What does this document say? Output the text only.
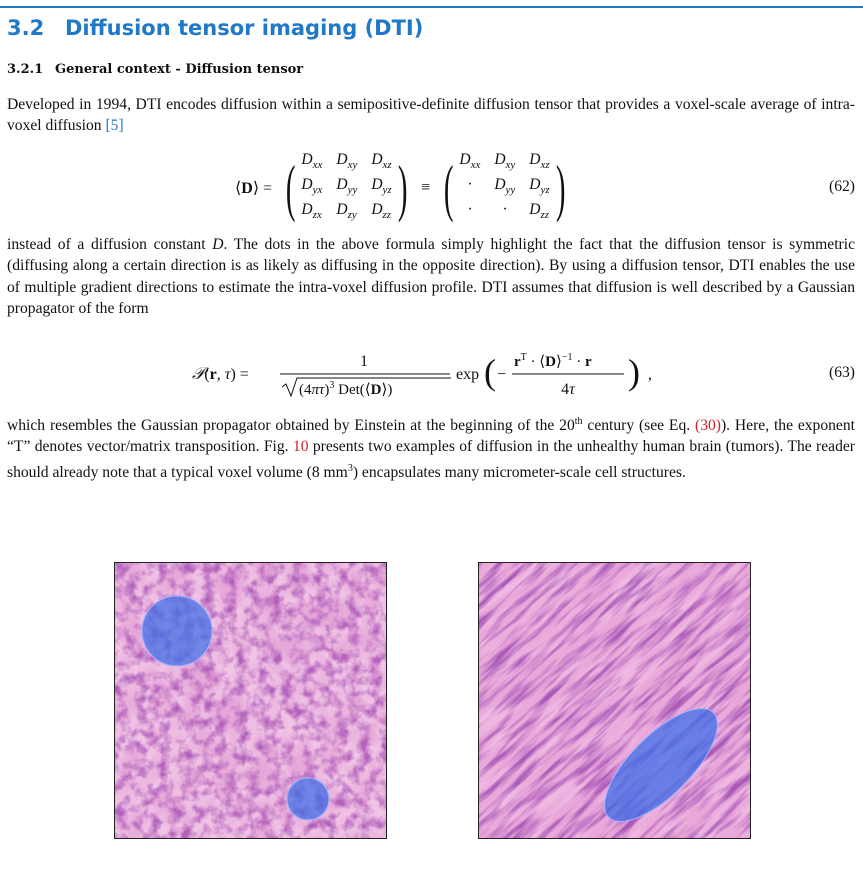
3.2 Diffusion tensor imaging (DTI)
3.2.1 General context - Diffusion tensor

Developed in 1994, DTI encodes diffusion within a semipositive-definite diffusion tensor that provides a voxel-scale average of intra-voxel diffusion [5]

⟨D⟩ = ( $D_{xx}$ $D_{xy}$ $D_{xz}$
$D_{yx}$ $D_{yy}$ $D_{yz}$
$D_{zx}$ $D_{zy}$ $D_{zz}$ ) ≡ ( $D_{xx}$ $D_{xy}$ $D_{xz}$
·	$D_{yy}$ $D_{yz}$
·	·	$D_{zz}$ )	(62)

instead of a diffusion constant D. The dots in the above formula simply highlight the fact that the diffusion tensor is symmetric (diffusing along a certain direction is as likely as diffusing in the opposite direction). By using a diffusion tensor, DTI enables the use of multiple gradient directions to estimate the intra-voxel diffusion profile. DTI assumes that diffusion is well described by a Gaussian propagator of the form

𝒫(r, τ) =
1
$(4\pi\tau)^3$ Det(⟨D⟩)
exp ( −
$r^T$ · ⟨D⟩$^{-1}$ · r
4τ ) ,	(63)

which resembles the Gaussian propagator obtained by Einstein at the beginning of the 20th century (see Eq. (30)). Here, the exponent “T” denotes vector/matrix transposition. Fig. 10 presents two examples of diffusion in the unhealthy human brain (tumors). The reader should already note that a typical voxel volume (8 $mm^3$) encapsulates many micrometer-scale cell structures.
